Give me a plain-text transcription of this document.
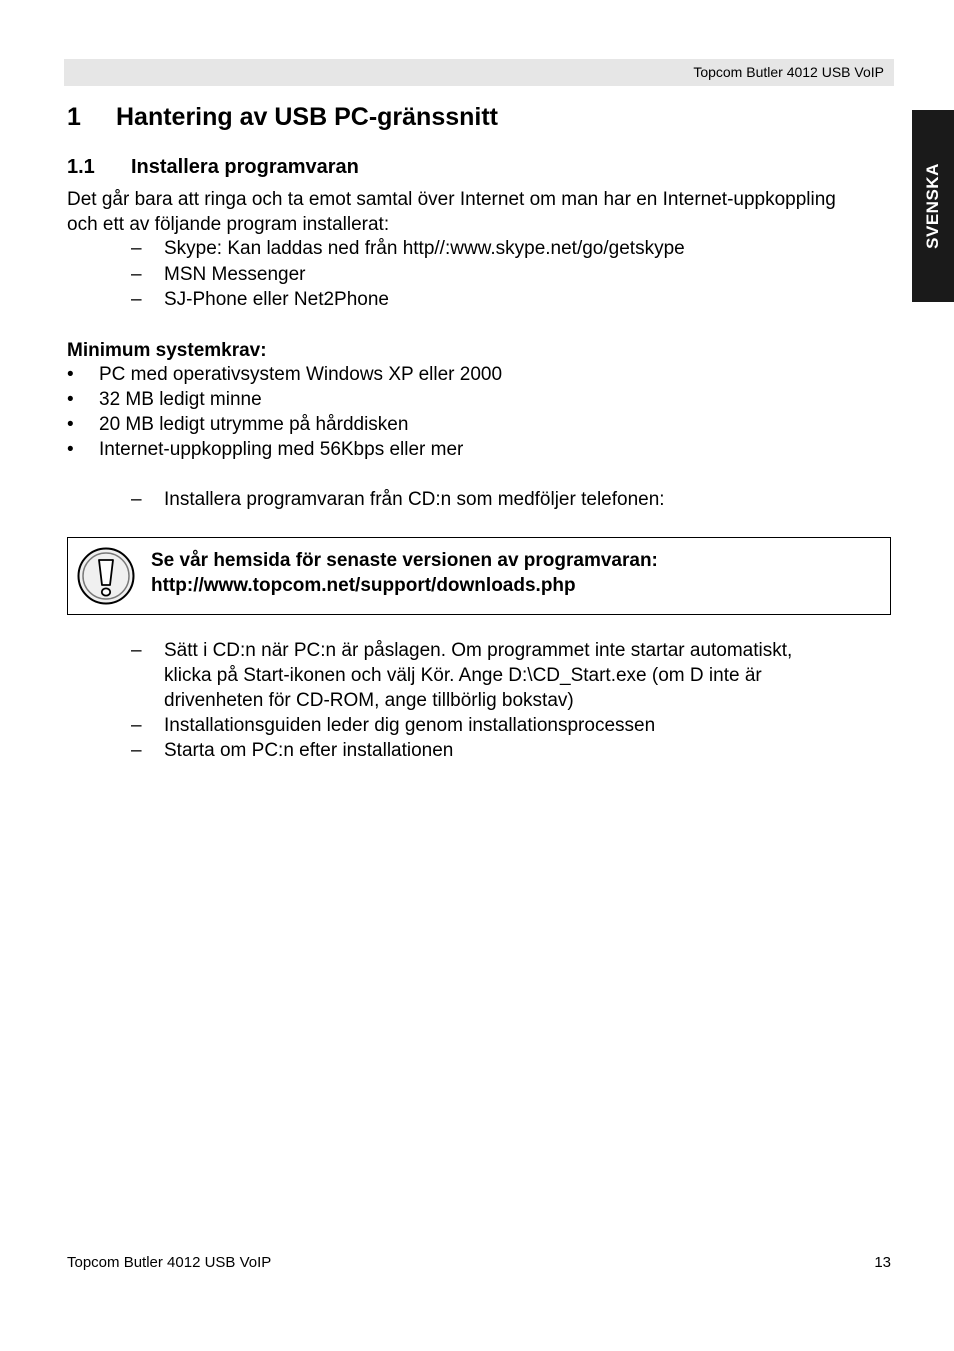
Topcom Butler 4012 USB VoIP
SVENSKA
1 Hantering av USB PC-gränssnitt
1.1 Installera programvaran
Det går bara att ringa och ta emot samtal över Internet om man har en Internet-uppkoppling
och ett av följande program installerat:
– Skype: Kan laddas ned från http//:www.skype.net/go/getskype
– MSN Messenger
– SJ-Phone eller Net2Phone
Minimum systemkrav:
• PC med operativsystem Windows XP eller 2000
• 32 MB ledigt minne
• 20 MB ledigt utrymme på hårddisken
• Internet-uppkoppling med 56Kbps eller mer
– Installera programvaran från CD:n som medföljer telefonen:
Se vår hemsida för senaste versionen av programvaran:
http://www.topcom.net/support/downloads.php
– Sätt i CD:n när PC:n är påslagen. Om programmet inte startar automatiskt,
klicka på Start-ikonen och välj Kör. Ange D:\CD_Start.exe (om D inte är
drivenheten för CD-ROM, ange tillbörlig bokstav)
– Installationsguiden leder dig genom installationsprocessen
– Starta om PC:n efter installationen
Topcom Butler 4012 USB VoIP	13
